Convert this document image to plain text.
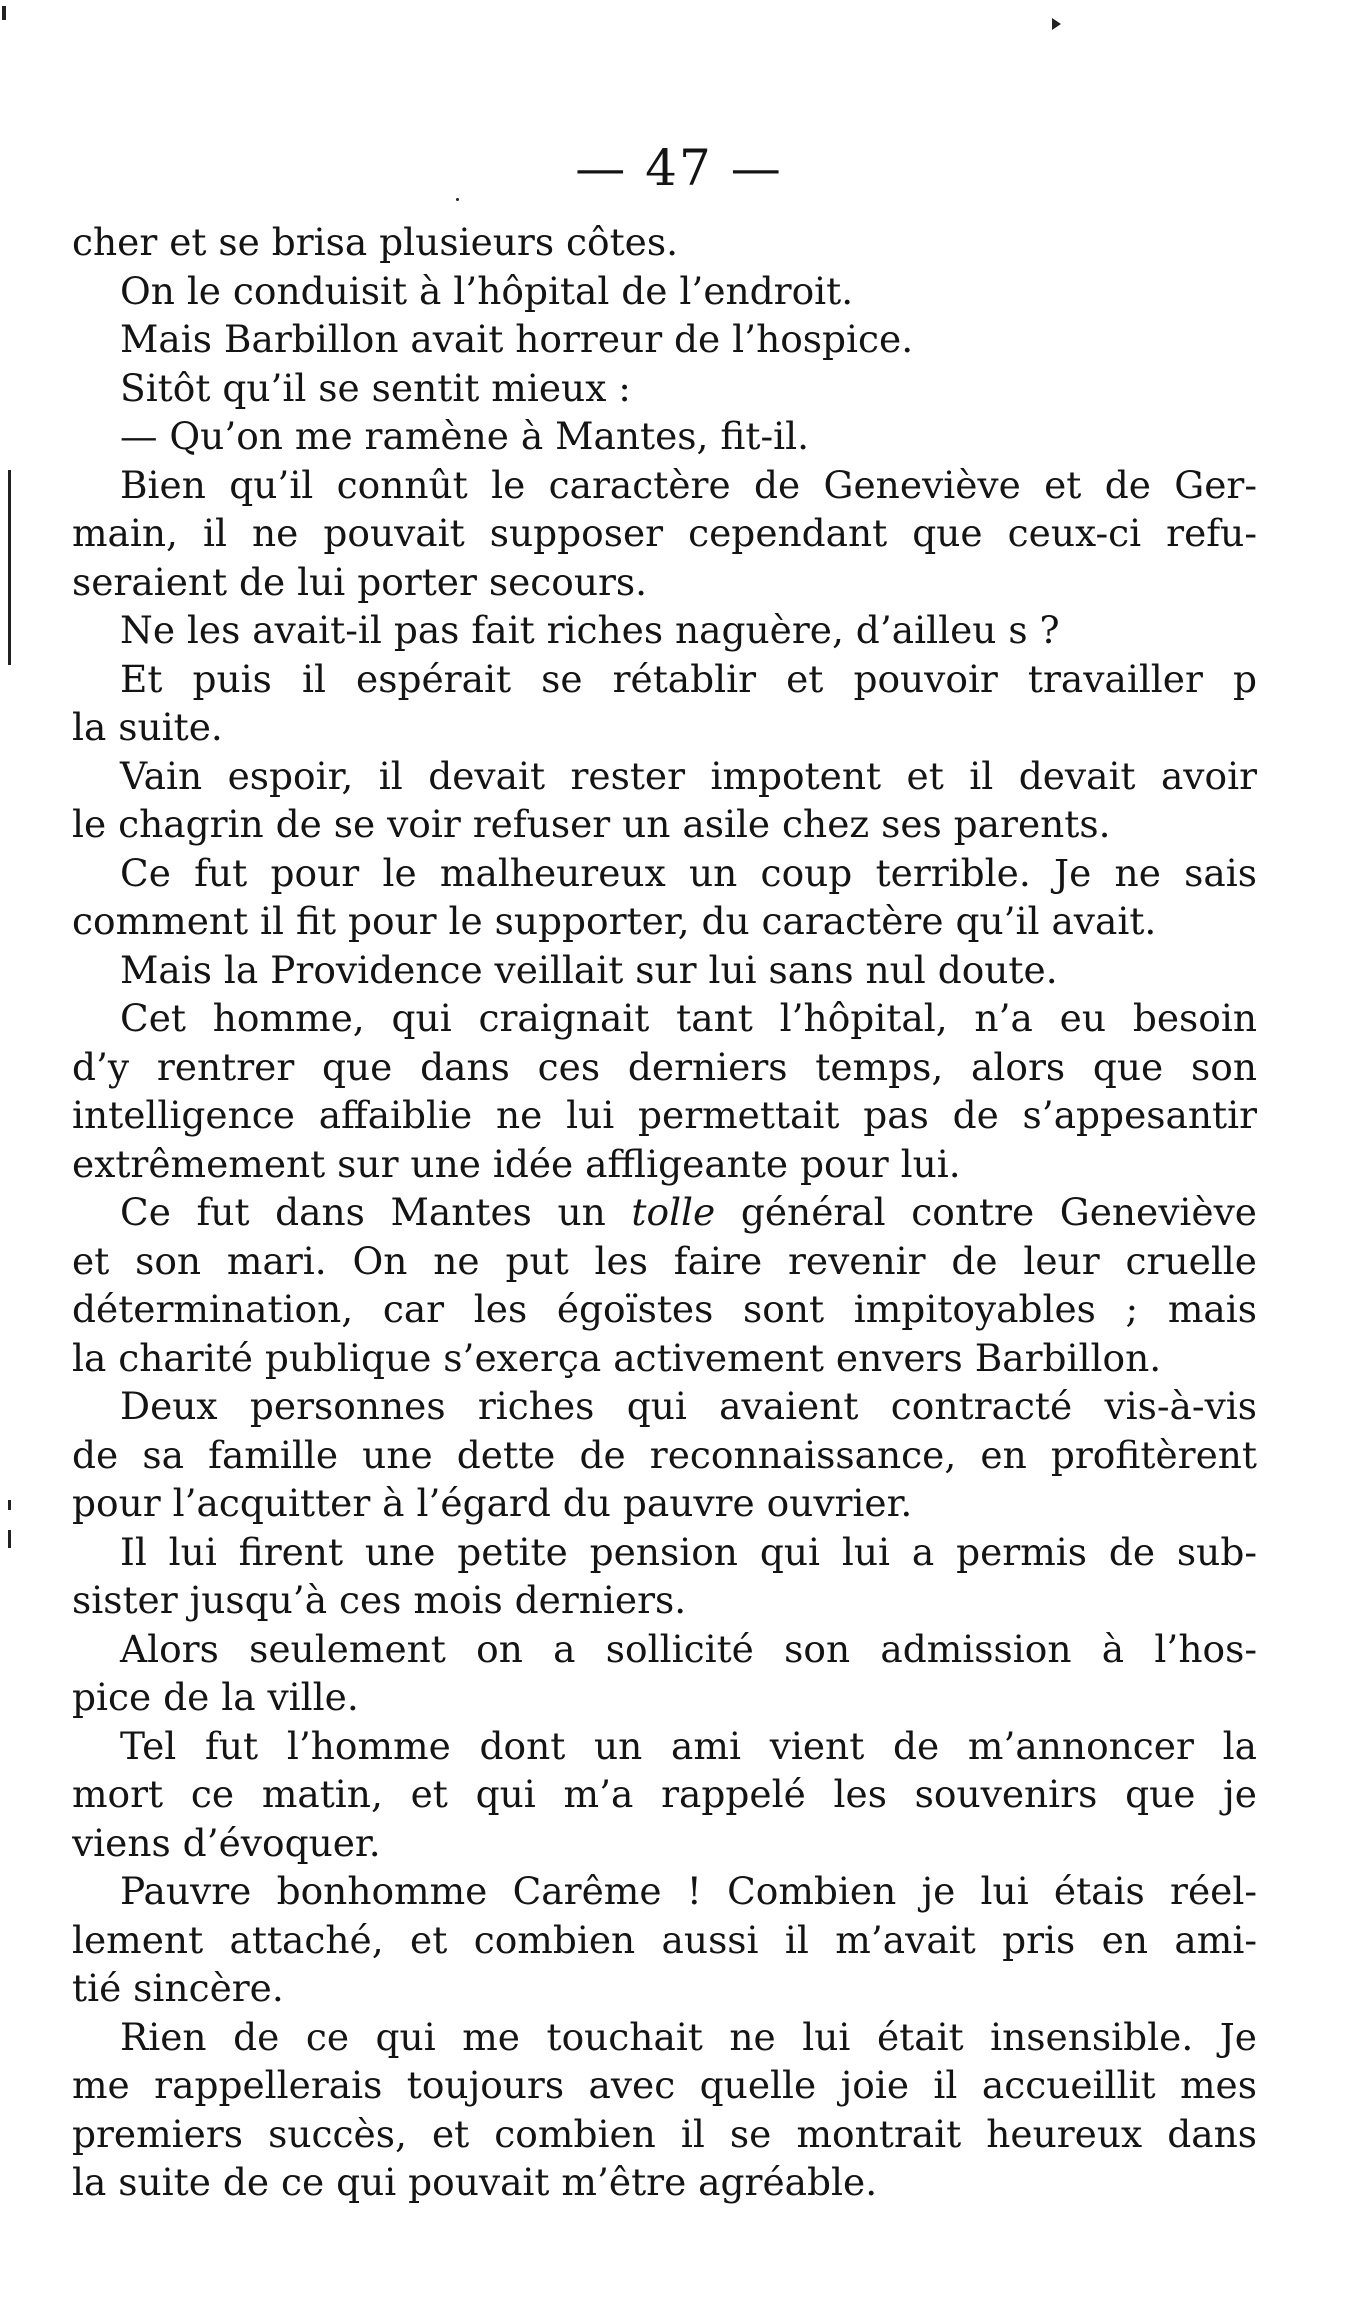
— 47 —
cher et se brisa plusieurs côtes.
On le conduisit à l’hôpital de l’endroit.
Mais Barbillon avait horreur de l’hospice.
Sitôt qu’il se sentit mieux :
— Qu’on me ramène à Mantes, fit-il.
Bien qu’il connût le caractère de Geneviève et de Ger-
main, il ne pouvait supposer cependant que ceux-ci refu-
seraient de lui porter secours.
Ne les avait-il pas fait riches naguère, d’ailleu s ?
Et puis il espérait se rétablir et pouvoir travailler p
la suite.
Vain espoir, il devait rester impotent et il devait avoir
le chagrin de se voir refuser un asile chez ses parents.
Ce fut pour le malheureux un coup terrible. Je ne sais
comment il fit pour le supporter, du caractère qu’il avait.
Mais la Providence veillait sur lui sans nul doute.
Cet homme, qui craignait tant l’hôpital, n’a eu besoin
d’y rentrer que dans ces derniers temps, alors que son
intelligence affaiblie ne lui permettait pas de s’appesantir
extrêmement sur une idée affligeante pour lui.
Ce fut dans Mantes un tolle général contre Geneviève
et son mari. On ne put les faire revenir de leur cruelle
détermination, car les égoïstes sont impitoyables ; mais
la charité publique s’exerça activement envers Barbillon.
Deux personnes riches qui avaient contracté vis-à-vis
de sa famille une dette de reconnaissance, en profitèrent
pour l’acquitter à l’égard du pauvre ouvrier.
Il lui firent une petite pension qui lui a permis de sub-
sister jusqu’à ces mois derniers.
Alors seulement on a sollicité son admission à l’hos-
pice de la ville.
Tel fut l’homme dont un ami vient de m’annoncer la
mort ce matin, et qui m’a rappelé les souvenirs que je
viens d’évoquer.
Pauvre bonhomme Carême ! Combien je lui étais réel-
lement attaché, et combien aussi il m’avait pris en ami-
tié sincère.
Rien de ce qui me touchait ne lui était insensible. Je
me rappellerais toujours avec quelle joie il accueillit mes
premiers succès, et combien il se montrait heureux dans
la suite de ce qui pouvait m’être agréable.
